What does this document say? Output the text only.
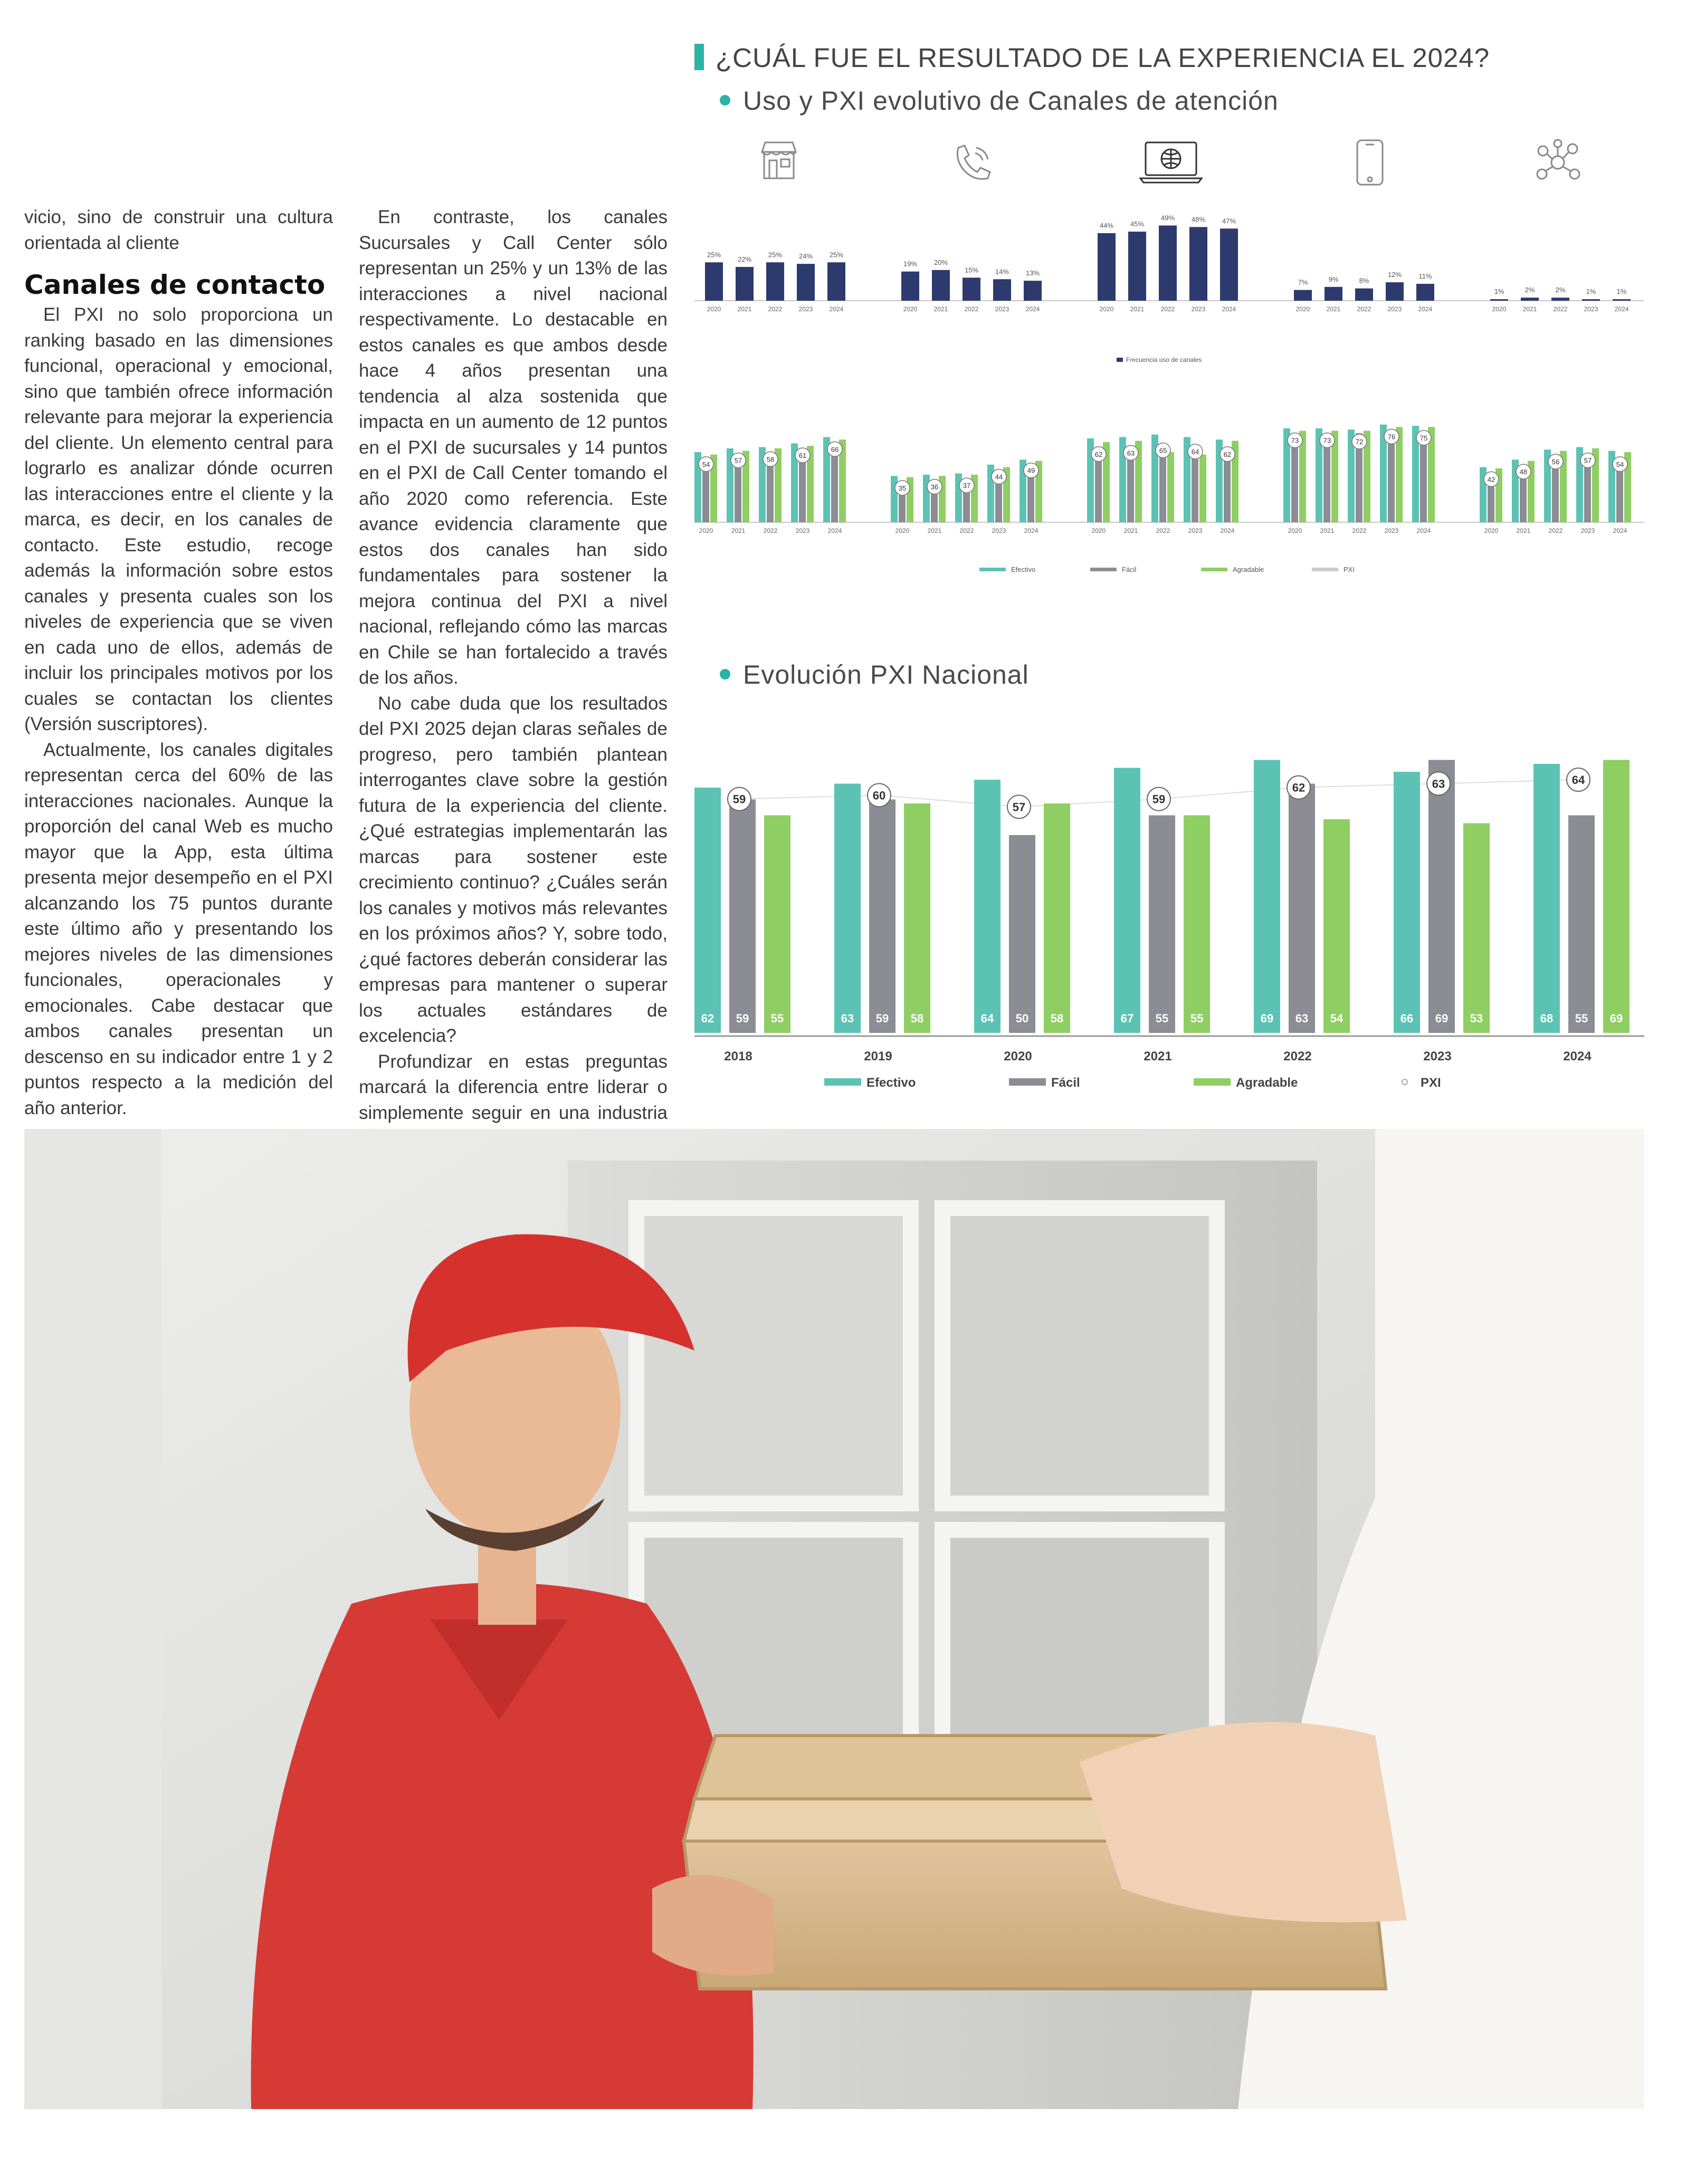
vicio, sino de construir una cultura orientada al cliente

Canales de contacto

El PXI no solo proporciona un ranking basado en las dimensiones funcional, operacional y emocional, sino que también ofrece información relevante para mejorar la experiencia del cliente. Un elemento central para lograrlo es analizar dónde ocurren las interacciones entre el cliente y la marca, es decir, en los canales de contacto. Este estudio, recoge además la información sobre estos canales y presenta cuales son los niveles de experiencia que se viven en cada uno de ellos, además de incluir los principales motivos por los cuales se contactan los clientes (Versión suscriptores).

Actualmente, los canales digitales representan cerca del 60% de las interacciones nacionales. Aunque la proporción del canal Web es mucho mayor que la App, esta última presenta mejor desempeño en el PXI alcanzando los 75 puntos durante este último año y presentando los mejores niveles de las dimensiones funcionales, operacionales y emocionales. Cabe destacar que ambos canales presentan un descenso en su indicador entre 1 y 2 puntos respecto a la medición del año anterior.

En contraste, los canales Sucursales y Call Center sólo representan un 25% y un 13% de las interacciones a nivel nacional respectivamente. Lo destacable en estos canales es que ambos desde hace 4 años presentan una tendencia al alza sostenida que impacta en un aumento de 12 puntos en el PXI de sucursales y 14 puntos en el PXI de Call Center tomando el año 2020 como referencia. Este avance evidencia claramente que estos dos canales han sido fundamentales para sostener la mejora continua del PXI a nivel nacional, reflejando cómo las marcas en Chile se han fortalecido a través de los años.

No cabe duda que los resultados del PXI 2025 dejan claras señales de progreso, pero también plantean interrogantes clave sobre la gestión futura de la experiencia del cliente. ¿Qué estrategias implementarán las marcas para sostener este crecimiento continuo? ¿Cuáles serán los canales y motivos más relevantes en los próximos años? Y, sobre todo, ¿qué factores deberán considerar las empresas para mantener o superar los actuales estándares de excelencia?

Profundizar en estas preguntas marcará la diferencia entre liderar o simplemente seguir en una industria

¿CUÁL FUE EL RESULTADO DE LA EXPERIENCIA EL 2024?
Uso y PXI evolutivo de Canales de atención
Evolución PXI Nacional
25%
2020
22%
2021
25%
2022
24%
2023
25%
2024
19%
2020
20%
2021
15%
2022
14%
2023
13%
2024
44%
2020
45%
2021
49%
2022
48%
2023
47%
2024
7%
2020
9%
2021
8%
2022
12%
2023
11%
2024
1%
2020
2%
2021
2%
2022
1%
2023
1%
2024
Frecuencia uso de canales
54
2020
57
2021
58
2022
61
2023
66
2024
35
2020
36
2021
37
2022
44
2023
49
2024
62
2020
63
2021
65
2022
64
2023
62
2024
73
2020
73
2021
72
2022
76
2023
75
2024
42
2020
48
2021
56
2022
57
2023
54
2024
Efectivo	Fácil	Agradable	PXI
62 59 55
59
2018
63 59 58
60
2019
64 50 58
57
2020
67 55 55
59
2021
69 63 54
62
2022
66 69 53
63
2023
68 55 69
64
2024
Efectivo	Fácil	Agradable	PXI
